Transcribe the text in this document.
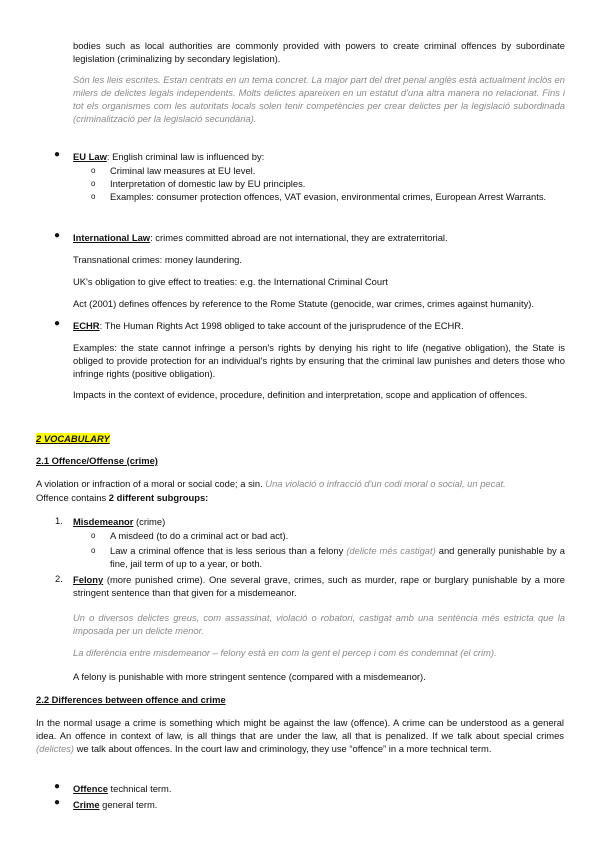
bodies such as local authorities are commonly provided with powers to create criminal offences by subordinate legislation (criminalizing by secondary legislation).
Són les lleis escrites. Estan centrats en un tema concret. La major part del dret penal anglès està actualment inclòs en milers de delictes legals independents. Molts delictes apareixen en un estatut d'una altra manera no relacionat. Fins i tot els organismes com les autoritats locals solen tenir competències per crear delictes per la legislació subordinada (criminalització per la legislació secundària).
● EU Law: English criminal law is influenced by:
o Criminal law measures at EU level.
o Interpretation of domestic law by EU principles.
o Examples: consumer protection offences, VAT evasion, environmental crimes, European Arrest Warrants.
● International Law: crimes committed abroad are not international, they are extraterritorial.
Transnational crimes: money laundering.
UK's obligation to give effect to treaties: e.g. the International Criminal Court
Act (2001) defines offences by reference to the Rome Statute (genocide, war crimes, crimes against humanity).
● ECHR: The Human Rights Act 1998 obliged to take account of the jurisprudence of the ECHR.
Examples: the state cannot infringe a person's rights by denying his right to life (negative obligation), the State is obliged to provide protection for an individual's rights by ensuring that the criminal law punishes and deters those who infringe rights (positive obligation).
Impacts in the context of evidence, procedure, definition and interpretation, scope and application of offences.
2 VOCABULARY
2.1 Offence/Offense (crime)
A violation or infraction of a moral or social code; a sin. Una violació o infracció d'un codi moral o social, un pecat.
Offence contains 2 different subgroups:
1. Misdemeanor (crime)
o A misdeed (to do a criminal act or bad act).
o Law a criminal offence that is less serious than a felony (delicte més castigat) and generally punishable by a fine, jail term of up to a year, or both.
2. Felony (more punished crime). One several grave, crimes, such as murder, rape or burglary punishable by a more stringent sentence than that given for a misdemeanor.
Un o diversos delictes greus, com assassinat, violació o robatori, castigat amb una sentència més estricta que la imposada per un delicte menor.
La diferència entre misdemeanor – felony està en com la gent el percep i com és condemnat (el crim).
A felony is punishable with more stringent sentence (compared with a misdemeanor).
2.2 Differences between offence and crime
In the normal usage a crime is something which might be against the law (offence). A crime can be understood as a general idea. An offence in context of law, is all things that are under the law, all that is penalized. If we talk about special crimes (delictes) we talk about offences. In the court law and criminology, they use “offence” in a more technical term.
● Offence technical term.
● Crime general term.
